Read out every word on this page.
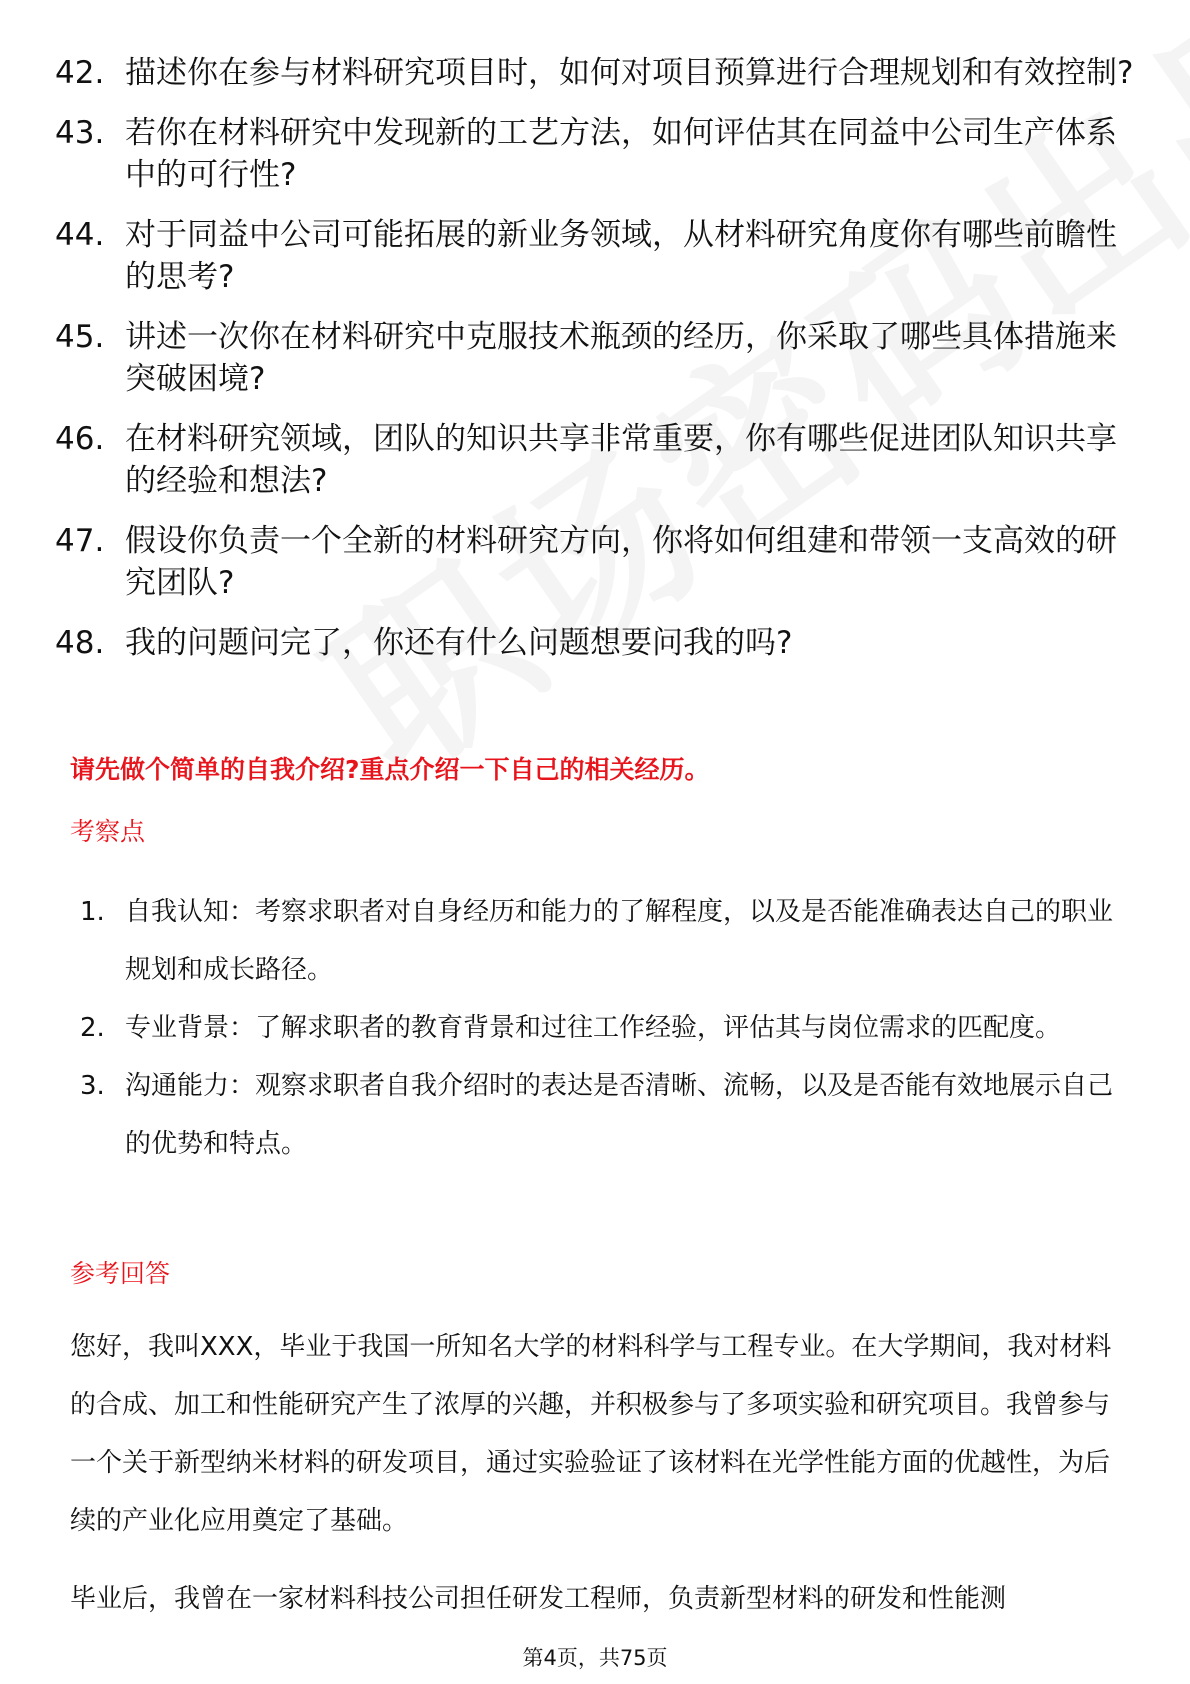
42. 描述你在参与材料研究项目时，如何对项目预算进行合理规划和有效控制?
43. 若你在材料研究中发现新的工艺方法，如何评估其在同益中公司生产体系中的可行性?
44. 对于同益中公司可能拓展的新业务领域，从材料研究角度你有哪些前瞻性的思考?
45. 讲述一次你在材料研究中克服技术瓶颈的经历，你采取了哪些具体措施来突破困境?
46. 在材料研究领域，团队的知识共享非常重要，你有哪些促进团队知识共享的经验和想法?
47. 假设你负责一个全新的材料研究方向，你将如何组建和带领一支高效的研究团队?
48. 我的问题问完了，你还有什么问题想要问我的吗?
请先做个简单的自我介绍?重点介绍一下自己的相关经历。
考察点
1. 自我认知：考察求职者对自身经历和能力的了解程度，以及是否能准确表达自己的职业规划和成长路径。
2. 专业背景：了解求职者的教育背景和过往工作经验，评估其与岗位需求的匹配度。
3. 沟通能力：观察求职者自我介绍时的表达是否清晰、流畅，以及是否能有效地展示自己的优势和特点。
参考回答
您好，我叫XXX，毕业于我国一所知名大学的材料科学与工程专业。在大学期间，我对材料的合成、加工和性能研究产生了浓厚的兴趣，并积极参与了多项实验和研究项目。我曾参与一个关于新型纳米材料的研发项目，通过实验验证了该材料在光学性能方面的优越性，为后续的产业化应用奠定了基础。
毕业后，我曾在一家材料科技公司担任研发工程师，负责新型材料的研发和性能测
第4页，共75页
